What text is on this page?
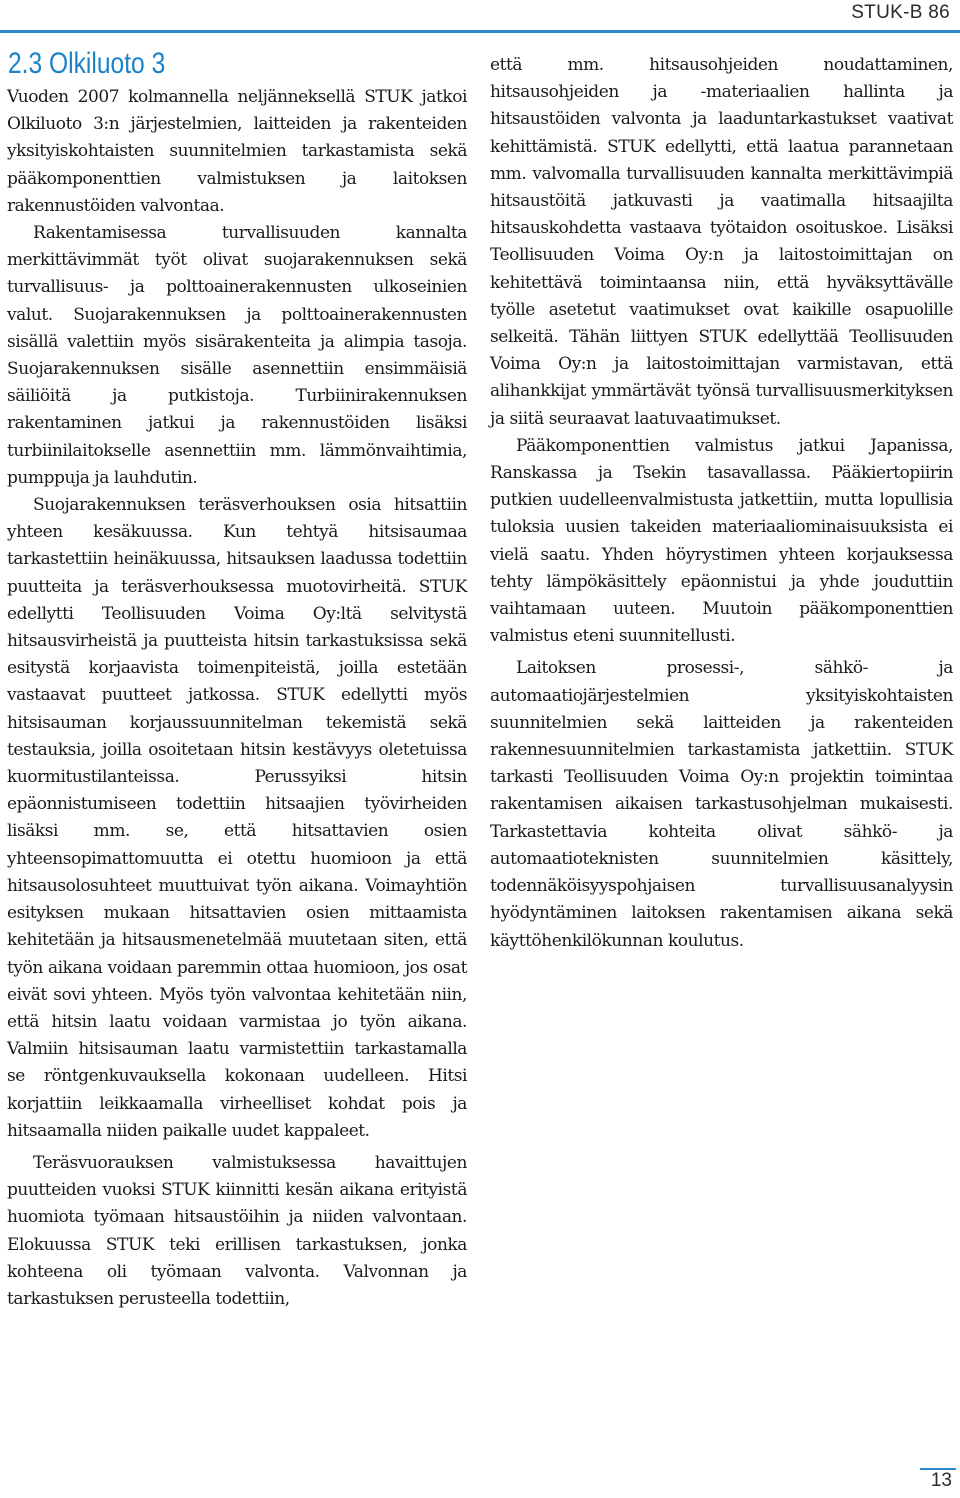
STUK-B 86
2.3 Olkiluoto 3

Vuoden 2007 kolmannella neljänneksellä STUK jatkoi Olkiluoto 3:n järjestelmien, laitteiden ja rakenteiden yksityiskohtaisten suunnitelmien tarkastamista sekä pääkomponenttien valmistuksen ja laitoksen rakennustöiden valvontaa.

Rakentamisessa turvallisuuden kannalta merkittävimmät työt olivat suojarakennuksen sekä turvallisuus- ja polttoainerakennusten ulkoseinien valut. Suojarakennuksen ja polttoainerakennusten sisällä valettiin myös sisärakenteita ja alimpia tasoja. Suojarakennuksen sisälle asennettiin ensimmäisiä säiliöitä ja putkistoja. Turbiinirakennuksen rakentaminen jatkui ja rakennustöiden lisäksi turbiinilaitokselle asennettiin mm. lämmönvaihtimia, pumppuja ja lauhdutin.

Suojarakennuksen teräsverhouksen osia hitsattiin yhteen kesäkuussa. Kun tehtyä hitsisaumaa tarkastettiin heinäkuussa, hitsauksen laadussa todettiin puutteita ja teräsverhouksessa muotovirheitä. STUK edellytti Teollisuuden Voima Oy:ltä selvitystä hitsausvirheistä ja puutteista hitsin tarkastuksissa sekä esitystä korjaavista toimenpiteistä, joilla estetään vastaavat puutteet jatkossa. STUK edellytti myös hitsisauman korjaussuunnitelman tekemistä sekä testauksia, joilla osoitetaan hitsin kestävyys oletetuissa kuormitustilanteissa. Perussyiksi hitsin epäonnistumiseen todettiin hitsaajien työvirheiden lisäksi mm. se, että hitsattavien osien yhteensopimattomuutta ei otettu huomioon ja että hitsausolosuhteet muuttuivat työn aikana. Voimayhtiön esityksen mukaan hitsattavien osien mittaamista kehitetään ja hitsausmenetelmää muutetaan siten, että työn aikana voidaan paremmin ottaa huomioon, jos osat eivät sovi yhteen. Myös työn valvontaa kehitetään niin, että hitsin laatu voidaan varmistaa jo työn aikana. Valmiin hitsisauman laatu varmistettiin tarkastamalla se röntgenkuvauksella kokonaan uudelleen. Hitsi korjattiin leikkaamalla virheelliset kohdat pois ja hitsaamalla niiden paikalle uudet kappaleet.

Teräsvuorauksen valmistuksessa havaittujen puutteiden vuoksi STUK kiinnitti kesän aikana erityistä huomiota työmaan hitsaustöihin ja niiden valvontaan. Elokuussa STUK teki erillisen tarkastuksen, jonka kohteena oli työmaan valvonta. Valvonnan ja tarkastuksen perusteella todettiin,

että mm. hitsausohjeiden noudattaminen, hitsausohjeiden ja -materiaalien hallinta ja hitsaustöiden valvonta ja laaduntarkastukset vaativat kehittämistä. STUK edellytti, että laatua parannetaan mm. valvomalla turvallisuuden kannalta merkittävimpiä hitsaustöitä jatkuvasti ja vaatimalla hitsaajilta hitsauskohdetta vastaava työtaidon osoituskoe. Lisäksi Teollisuuden Voima Oy:n ja laitostoimittajan on kehitettävä toimintaansa niin, että hyväksyttävälle työlle asetetut vaatimukset ovat kaikille osapuolille selkeitä. Tähän liittyen STUK edellyttää Teollisuuden Voima Oy:n ja laitostoimittajan varmistavan, että alihankkijat ymmärtävät työnsä turvallisuusmerkityksen ja siitä seuraavat laatuvaatimukset.

Pääkomponenttien valmistus jatkui Japanissa, Ranskassa ja Tsekin tasavallassa. Pääkiertopiirin putkien uudelleenvalmistusta jatkettiin, mutta lopullisia tuloksia uusien takeiden materiaaliominaisuuksista ei vielä saatu. Yhden höyrystimen yhteen korjauksessa tehty lämpökäsittely epäonnistui ja yhde jouduttiin vaihtamaan uuteen. Muutoin pääkomponenttien valmistus eteni suunnitellusti.

Laitoksen prosessi-, sähkö- ja automaatiojärjestelmien yksityiskohtaisten suunnitelmien sekä laitteiden ja rakenteiden rakennesuunnitelmien tarkastamista jatkettiin. STUK tarkasti Teollisuuden Voima Oy:n projektin toimintaa rakentamisen aikaisen tarkastusohjelman mukaisesti. Tarkastettavia kohteita olivat sähkö- ja automaatioteknisten suunnitelmien käsittely, todennäköisyyspohjaisen turvallisuusanalyysin hyödyntäminen laitoksen rakentamisen aikana sekä käyttöhenkilökunnan koulutus.

13
